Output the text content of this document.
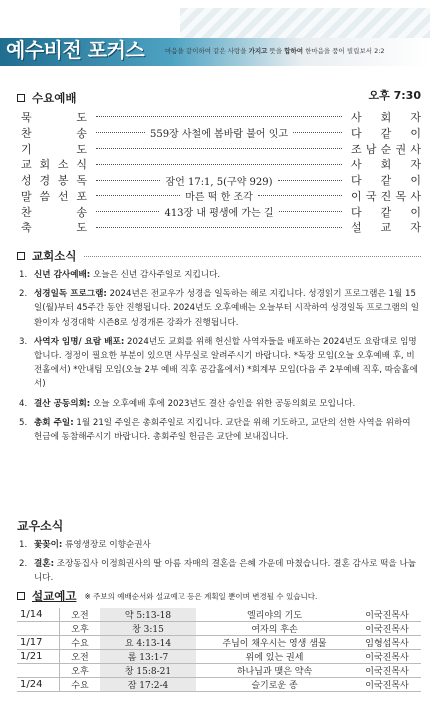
예수비전 포커스	마음을 같이하여 같은 사랑을 가지고 뜻을 합하여 한마음을 품어 빌립보서 2:2
수요예배	오후 7:30
묵	도	사 회 자
찬	송	559장 사철에 봄바람 불어 잇고	다 같 이
기	도	조 남 순 권 사
교 회 소 식	사 회 자
성 경 봉 독	잠언 17:1, 5(구약 929)	다 같 이
말 씀 선 포	마른 떡 한 조각	이 국 진 목 사
찬	송	413장 내 평생에 가는 길	다 같 이
축	도	설 교 자
교회소식
1. 신년 감사예배: 오늘은 신년 감사주일로 지킵니다.
2. 성경일독 프로그램: 2024년은 전교우가 성경을 일독하는 해로 지킵니다. 성경읽기 프로그램은 1월 15일(월)부터 45주간 동안 진행됩니다. 2024년도 오후예배는 오늘부터 시작하여 성경일독 프로그램의 일환이자 성경대학 시즌8로 성경개론 강좌가 진행됩니다.
3. 사역자 임명/ 요람 배포: 2024년도 교회를 위해 헌신할 사역자들을 배포하는 2024년도 요람대로 임명합니다. 정정이 필요한 부분이 있으면 사무실로 알려주시기 바랍니다. *독장 모임(오늘 오후예배 후, 비전홀에서) *안내팀 모임(오늘 2부 예배 직후 공감홀에서) *회계부 모임(다음 주 2부예배 직후, 따숨홀에서)
4. 결산 공동의회: 오늘 오후예배 후에 2023년도 결산 승인을 위한 공동의회로 모입니다.
5. 총회 주일: 1월 21일 주일은 총회주일로 지킵니다. 교단을 위해 기도하고, 교단의 선한 사역을 위하여 헌금에 동참해주시기 바랍니다. 총회주일 헌금은 교단에 보내집니다.
교우소식
1. 꽃꽂이: 류영생장로 이향순권사
2. 결혼: 조장동집사 이정희권사의 딸 아름 자매의 결혼을 은혜 가운데 마쳤습니다. 결혼 감사로 떡을 나눕니다.
설교예고 ※ 주보의 예배순서와 설교예고 등은 계획일 뿐이며 변경될 수 있습니다.
1/14	오전	약 5:13-18	엘리야의 기도	이국진목사
	오후	창 3:15	여자의 후손	이국진목사
1/17	수요	요 4:13-14	주님이 채우시는 영생 샘물	임형섭목사
1/21	오전	롬 13:1-7	위에 있는 권세	이국진목사
	오후	창 15:8-21	하나님과 맺은 약속	이국진목사
1/24	수요	잠 17:2-4	슬기로운 종	이국진목사
